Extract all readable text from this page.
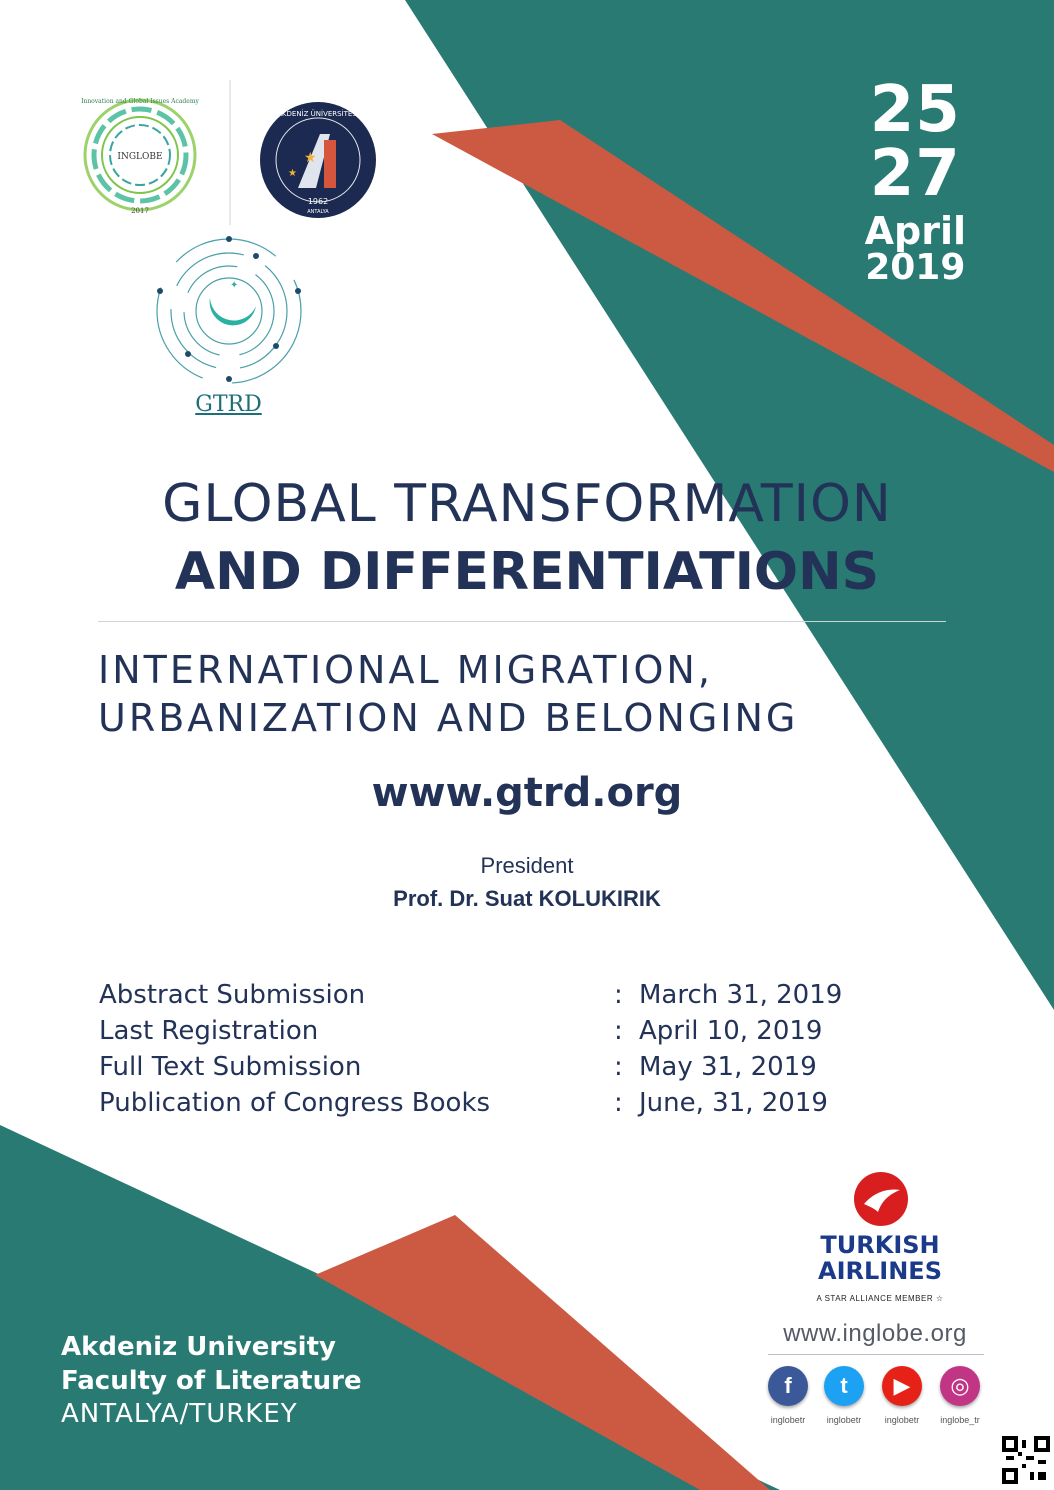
INGLOBE
2017
Innovation and Global Issues Academy
★
★
AKDENİZ ÜNİVERSİTESİ
1962
ANTALYA
✦
GTRD
25
27
April
2019
GLOBAL TRANSFORMATION
AND DIFFERENTIATIONS
INTERNATIONAL MIGRATION,
URBANIZATION AND BELONGING
www.gtrd.org
President
Prof. Dr. Suat KOLUKIRIK
Abstract Submission	: March 31, 2019
Last Registration	: April 10, 2019
Full Text Submission	: May 31, 2019
Publication of Congress Books	: June, 31, 2019
Akdeniz University
Faculty of Literature
ANTALYA/TURKEY
TURKISH
AIRLINES
A STAR ALLIANCE MEMBER ☆
www.inglobe.org
f	t	▶	◎
inglobetr	inglobetr	inglobetr	inglobe_tr
